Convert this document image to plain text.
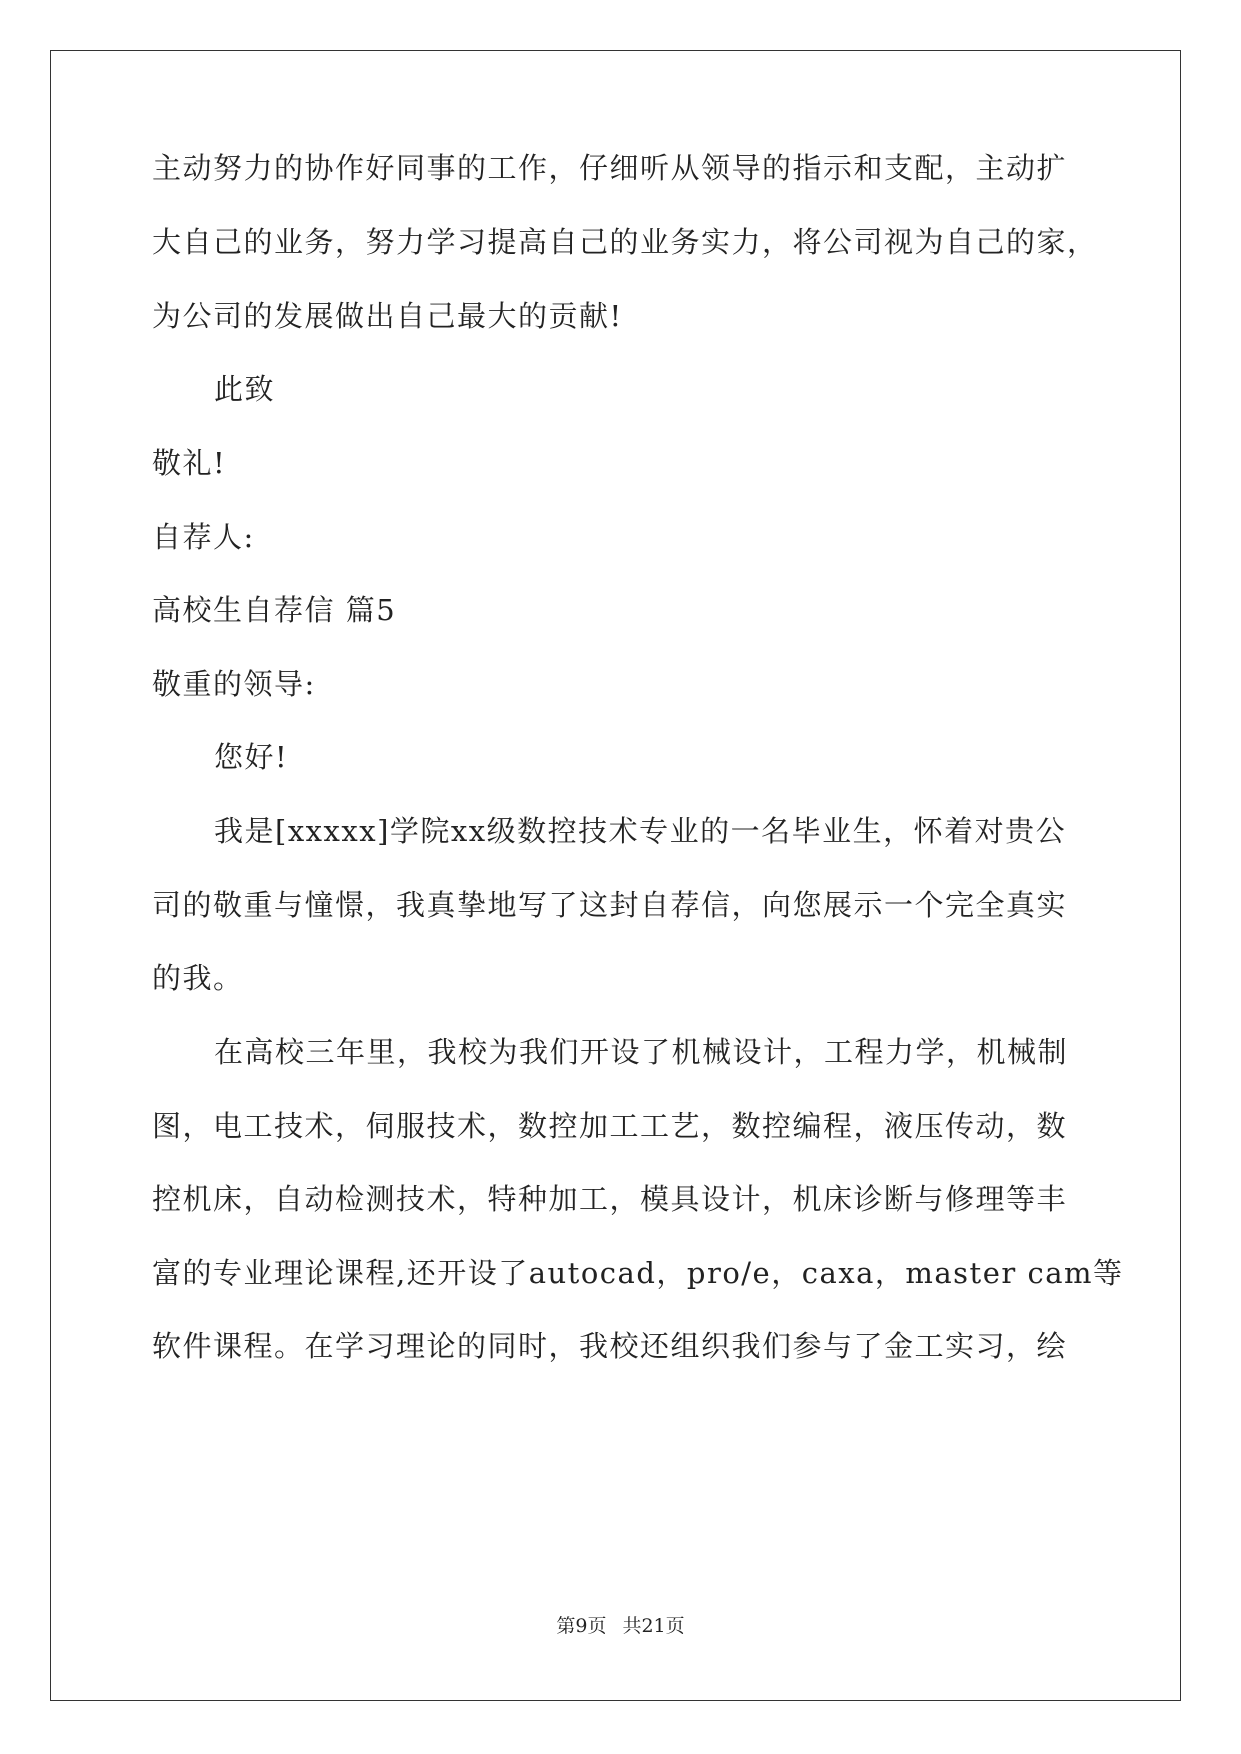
主动努力的协作好同事的工作，仔细听从领导的指示和支配，主动扩
大自己的业务，努力学习提高自己的业务实力，将公司视为自己的家，
为公司的发展做出自己最大的贡献!
此致
敬礼!
自荐人:
高校生自荐信 篇5
敬重的领导:
您好!
我是[xxxxx]学院xx级数控技术专业的一名毕业生，怀着对贵公
司的敬重与憧憬，我真挚地写了这封自荐信，向您展示一个完全真实
的我。
在高校三年里，我校为我们开设了机械设计，工程力学，机械制
图，电工技术，伺服技术，数控加工工艺，数控编程，液压传动，数
控机床，自动检测技术，特种加工，模具设计，机床诊断与修理等丰
富的专业理论课程,还开设了autocad，pro/e，caxa，master cam等
软件课程。在学习理论的同时，我校还组织我们参与了金工实习，绘
第9页 共21页
